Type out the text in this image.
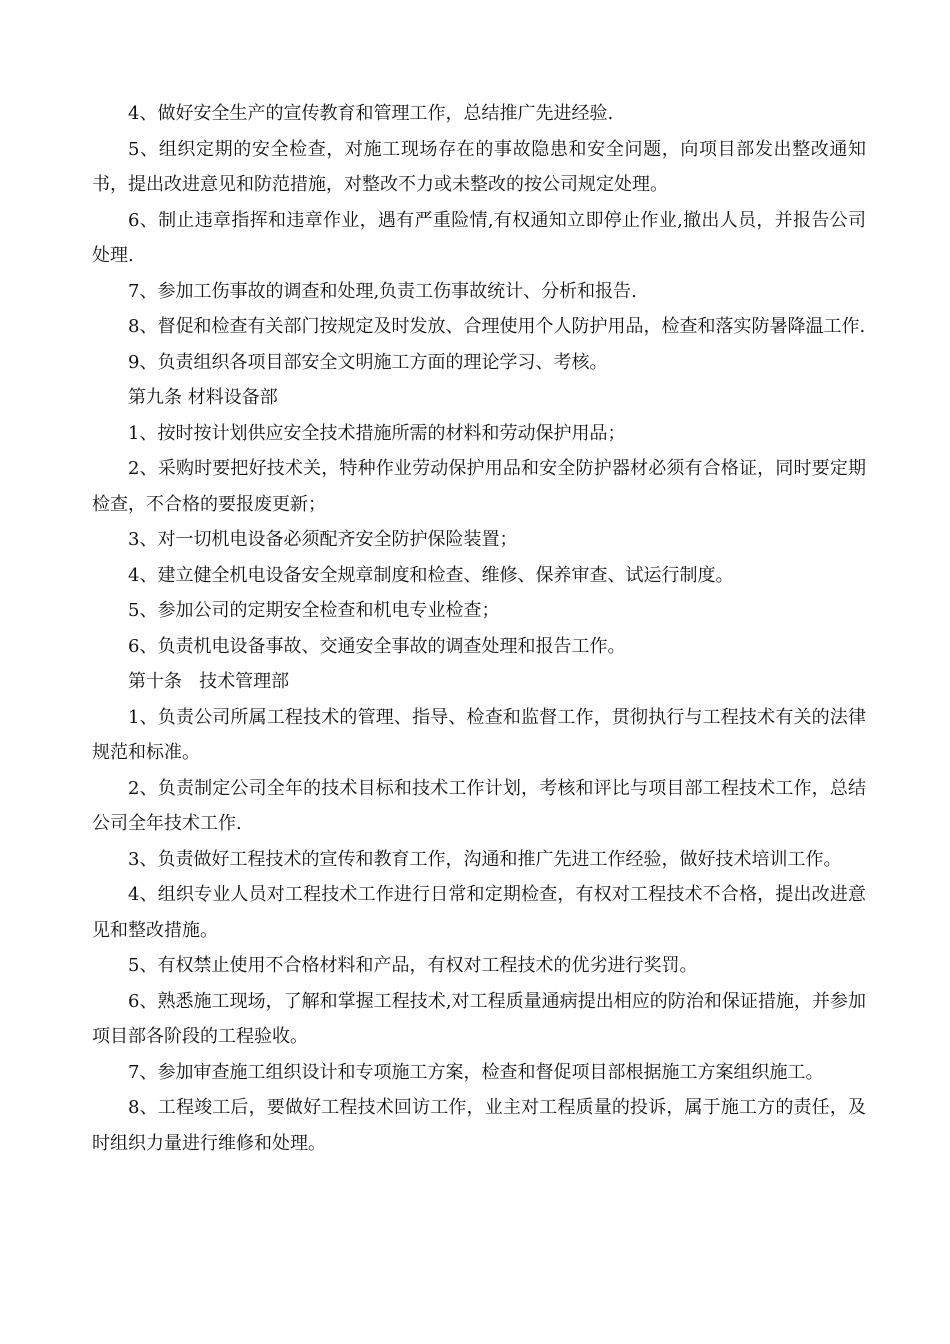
4、做好安全生产的宣传教育和管理工作，总结推广先进经验.

5、组织定期的安全检查，对施工现场存在的事故隐患和安全问题，向项目部发出整改通知书，提出改进意见和防范措施，对整改不力或未整改的按公司规定处理。

6、制止违章指挥和违章作业，遇有严重险情,有权通知立即停止作业,撤出人员，并报告公司处理.

7、参加工伤事故的调查和处理,负责工伤事故统计、分析和报告.

8、督促和检查有关部门按规定及时发放、合理使用个人防护用品，检查和落实防暑降温工作.

9、负责组织各项目部安全文明施工方面的理论学习、考核。

第九条 材料设备部

1、按时按计划供应安全技术措施所需的材料和劳动保护用品；

2、采购时要把好技术关，特种作业劳动保护用品和安全防护器材必须有合格证，同时要定期检查，不合格的要报废更新；

3、对一切机电设备必须配齐安全防护保险装置；

4、建立健全机电设备安全规章制度和检查、维修、保养审查、试运行制度。

5、参加公司的定期安全检查和机电专业检查；

6、负责机电设备事故、交通安全事故的调查处理和报告工作。

第十条   技术管理部

1、负责公司所属工程技术的管理、指导、检查和监督工作，贯彻执行与工程技术有关的法律规范和标准。

2、负责制定公司全年的技术目标和技术工作计划，考核和评比与项目部工程技术工作，总结公司全年技术工作.

3、负责做好工程技术的宣传和教育工作，沟通和推广先进工作经验，做好技术培训工作。

4、组织专业人员对工程技术工作进行日常和定期检查，有权对工程技术不合格，提出改进意见和整改措施。

5、有权禁止使用不合格材料和产品，有权对工程技术的优劣进行奖罚。

6、熟悉施工现场，了解和掌握工程技术,对工程质量通病提出相应的防治和保证措施，并参加项目部各阶段的工程验收。

7、参加审查施工组织设计和专项施工方案，检查和督促项目部根据施工方案组织施工。

8、工程竣工后，要做好工程技术回访工作，业主对工程质量的投诉，属于施工方的责任，及时组织力量进行维修和处理。
